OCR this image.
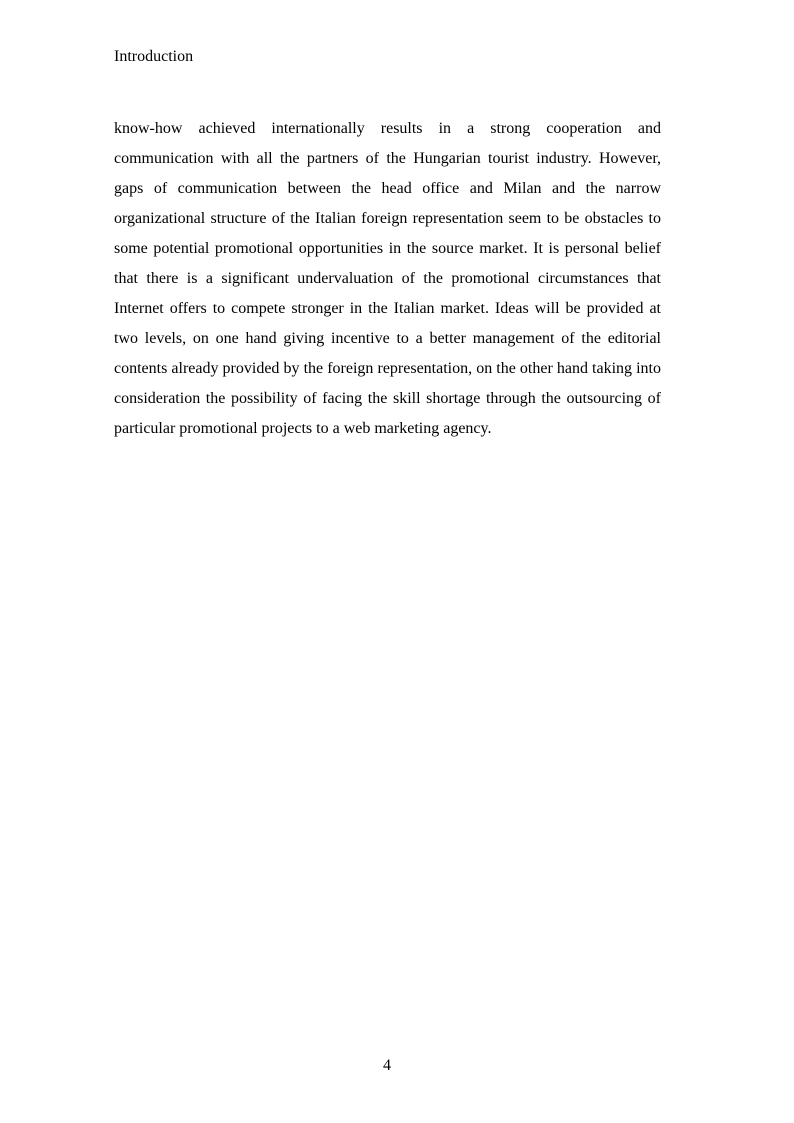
Introduction

know-how achieved internationally results in a strong cooperation and communication with all the partners of the Hungarian tourist industry. However, gaps of communication between the head office and Milan and the narrow organizational structure of the Italian foreign representation seem to be obstacles to some potential promotional opportunities in the source market. It is personal belief that there is a significant undervaluation of the promotional circumstances that Internet offers to compete stronger in the Italian market. Ideas will be provided at two levels, on one hand giving incentive to a better management of the editorial contents already provided by the foreign representation, on the other hand taking into consideration the possibility of facing the skill shortage through the outsourcing of particular promotional projects to a web marketing agency.

4
